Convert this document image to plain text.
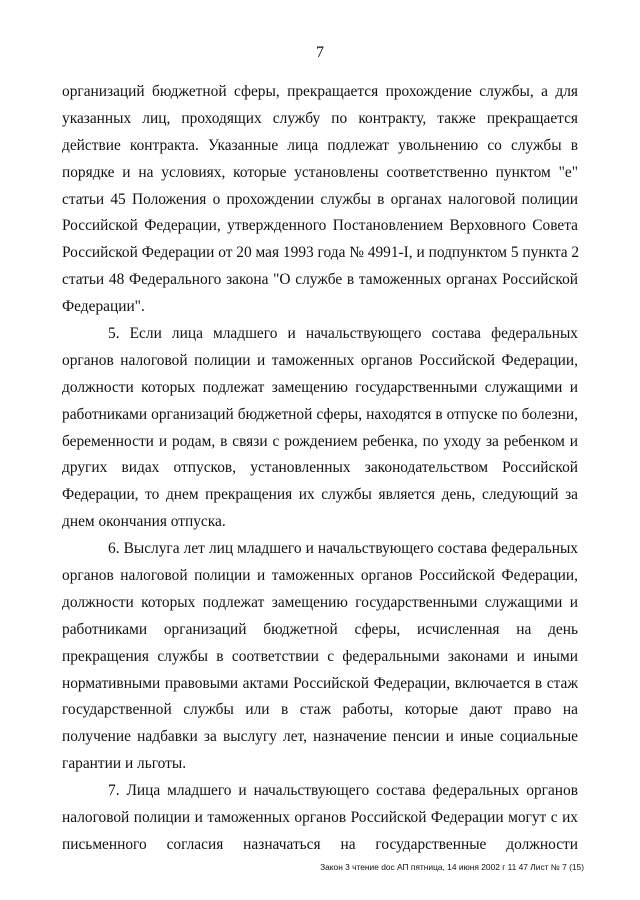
7
организаций бюджетной сферы, прекращается прохождение службы, а для
указанных лиц, проходящих службу по контракту, также прекращается
действие контракта. Указанные лица подлежат увольнению со службы в
порядке и на условиях, которые установлены соответственно пунктом "е"
статьи 45 Положения о прохождении службы в органах налоговой полиции
Российской Федерации, утвержденного Постановлением Верховного Совета
Российской Федерации от 20 мая 1993 года № 4991-I, и подпунктом 5 пункта 2
статьи 48 Федерального закона "О службе в таможенных органах Российской
Федерации".
5. Если лица младшего и начальствующего состава федеральных
органов налоговой полиции и таможенных органов Российской Федерации,
должности которых подлежат замещению государственными служащими и
работниками организаций бюджетной сферы, находятся в отпуске по болезни,
беременности и родам, в связи с рождением ребенка, по уходу за ребенком и
других видах отпусков, установленных законодательством Российской
Федерации, то днем прекращения их службы является день, следующий за
днем окончания отпуска.
6. Выслуга лет лиц младшего и начальствующего состава федеральных
органов налоговой полиции и таможенных органов Российской Федерации,
должности которых подлежат замещению государственными служащими и
работниками организаций бюджетной сферы, исчисленная на день
прекращения службы в соответствии с федеральными законами и иными
нормативными правовыми актами Российской Федерации, включается в стаж
государственной службы или в стаж работы, которые дают право на
получение надбавки за выслугу лет, назначение пенсии и иные социальные
гарантии и льготы.
7. Лица младшего и начальствующего состава федеральных органов
налоговой полиции и таможенных органов Российской Федерации могут с их
письменного согласия назначаться на государственные должности
Закон 3 чтение doc АП пятница, 14 июня 2002 г 11 47 Лист № 7 (15)
